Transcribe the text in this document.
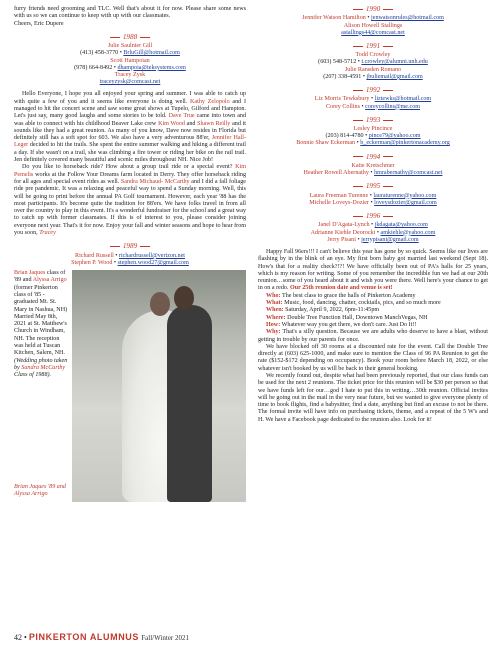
furry friends need grooming and TLC. Well that's about it for now. Please share some news with us so we can continue to keep with up with our classmates.

Cheers, Eric Dupere

1988
Julie Saulnier Gill
(413) 458-3770 • BrluGill@hotmail.com
Scott Hampoian
(978) 664-8492 • dhampoia@teksystems.com
Tracey Zysk
traceyzysk@comcast.net

Hello Everyone, I hope you all enjoyed your spring and summer. I was able to catch up with quite a few of you and it seems like everyone is doing well. Kathy Zelopolo and I managed to hit the concert scene and saw some great shows at Tupelo, Gilford and Hampton. Let's just say, many good laughs and some stories to be told. Dave True came into town and was able to connect with his childhood Beaver Lake crew Kim Wood and Shawn Reilly and it sounds like they had a great reunion. As many of you know, Dave now resides in Florida but definitely still has a soft spot for 603. We also have a very adventurous 88'er, Jennifer Hall-Leger decided to hit the trails. She spent the entire summer walking and hiking a different trail a day. If she wasn't on a trail, she was climbing a fire tower or riding her bike on the rail trail. Jen definitely covered many beautiful and scenic miles throughout NH. Nice Job!

Do you like to horseback ride? How about a group trail ride or a special event? Kim Pemelis works at the Follow Your Dreams farm located in Derry. They offer horseback riding for all ages and special event rides as well. Sandra Michaud- McCarthy and I did a fall foliage ride pre pandemic. It was a relaxing and peaceful way to spend a Sunday morning. Well, this will be going to print before the annual PA Golf tournament. However, each year '88 has the most participants. It's become quite the tradition for 88'ers. We have folks travel in from all over the country to play in this event. It's a wonderful fundraiser for the school and a great way to catch up with former classmates. If this is of interest to you, please consider joining everyone next year. That's it for now. Enjoy your fall and winter seasons and hope to hear from you soon, Tracey

1989
Richard Russell • richardrussell@verizon.net
Stephen P. Wood • stephen.wood27@gmail.com
Brian Jaques class of '89 and Alyssa Arrigo (former Pinkerton class of '85 - graduated Mt. St. Mary in Nashua, NH) Married May 8th, 2021 at St. Matthew's Church in Windham, NH. The reception was held at Tuscan Kitchen, Salem, NH. (Wedding photo taken by Sandra McCarthy Class of 1988).
Brian Jaques '89 and Alyssa Arrigo
1990
Jennifer Watson Hamilton • jenwatsonrules@hotmail.com
Alison Howell Stallings
astallings44@comcast.net
1991
Todd Crowley
(603) 548-5712 • t.crowley@alumni.unh.edu
Julie Ransden Romano
(207) 338-4591 • jbuliemail@gmail.com
1992
Liz Morris Tewksbury • liztewks@hotmail.com
Corey Collins • coreycollins@me.com
1993
Lesley Pincince
(203) 814-4780 • pince79@yahoo.com
Bonnie Shaw Eckerman • b_eckerman@pinkertonacademy.org
1994
Katie Kretschmer
Heather Rowell Abernathy • hmrabernathy@comcast.net
1995
Laura Freeman Turenne • lauraturenne@yahoo.com
Michelle Loveys-Dozier • loveysdozier@gmail.com
1996
Janel D'Agata-Lynch • jkdagata@yahoo.com
Adrianne Kiehle Deorocki • amkiehle@yahoo.com
Jerry Pisani • jerrypisani@gmail.com

Happy Fall 96ers!!! I can't believe this year has gone by so quick. Seems like our lives are flashing by in the blink of an eye. My first born baby got married last weekend (Sept 18). How's that for a reality check?!?! We have officially been out of PA's halls for 25 years, which is my reason for writing. Some of you remember the incredible fun we had at our 20th reunion…some of you heard about it and wish you were there. Well here's your chance to get in on a redo. Our 25th reunion date and venue is set!

Who: The best class to grace the halls of Pinkerton Academy

What: Music, food, dancing, chatter, cocktails, pics, and so much more

When: Saturday, April 9, 2022, 6pm-11:45pm

Where: Double Tree Function Hall, Downtown ManchVegas, NH

How: Whatever way you get there, we don't care. Just Do It!!

Why: That's a silly question. Because we are adults who deserve to have a blast, without getting in trouble by our parents for once.

We have blocked off 30 rooms at a discounted rate for the event. Call the Double Tree directly at (603) 625-1000, and make sure to mention the Class of 96 PA Reunion to get the rate ($152-$172 depending on occupancy). Book your room before March 18, 2022, or else whatever isn't booked by us will be back to their general booking.

We recently found out, despite what had been previously reported, that our class funds can be used for the next 2 reunions. The ticket price for this reunion will be $30 per person so that we have funds left for our…god I hate to put this in writing…30th reunion. Official invites will be going out in the mail in the very near future, but we wanted to give everyone plenty of time to book flights, find a babysitter, find a date, anything but find an excuse to not be there. The formal invite will have info on purchasing tickets, theme, and a repeat of the 5 W's and H. We have a Facebook page dedicated to the reunion also. Look for it!

42 • PINKERTON ALUMNUS Fall/Winter 2021
